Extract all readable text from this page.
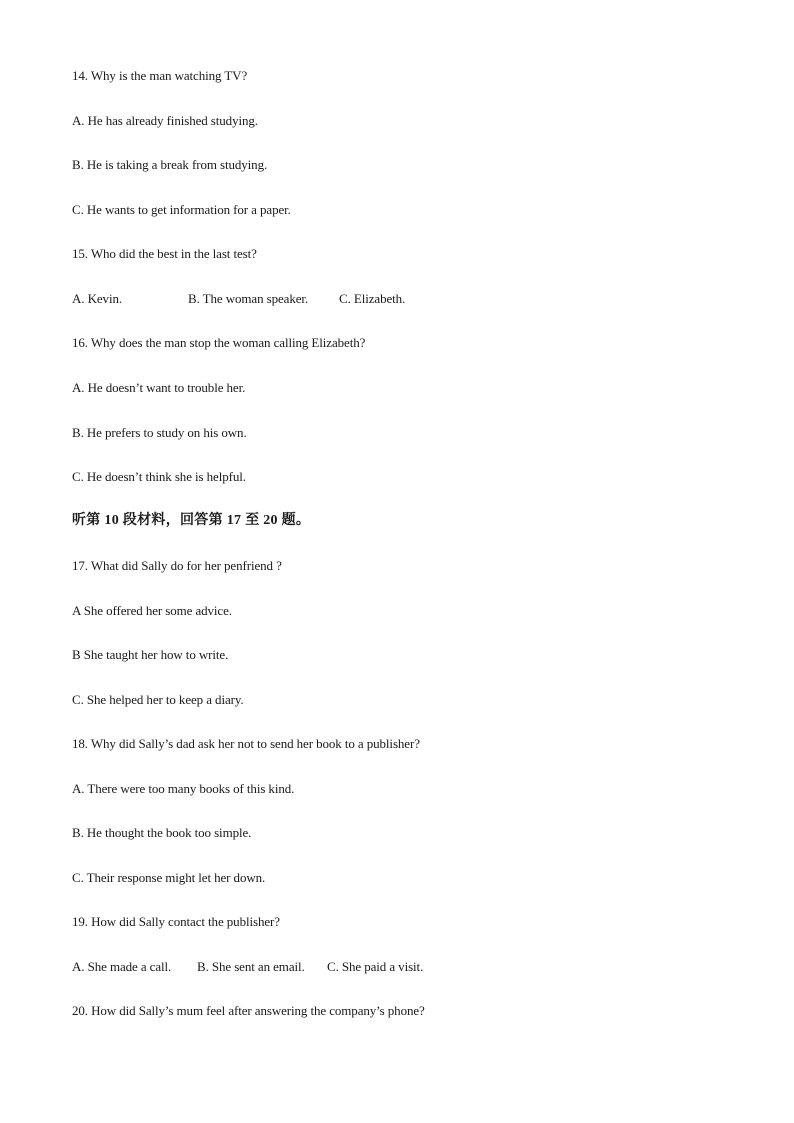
14. Why is the man watching TV?
A. He has already finished studying.
B. He is taking a break from studying.
C. He wants to get information for a paper.
15. Who did the best in the last test?
A. Kevin.	B. The woman speaker. C. Elizabeth.
16. Why does the man stop the woman calling Elizabeth?
A. He doesn’t want to trouble her.
B. He prefers to study on his own.
C. He doesn’t think she is helpful.
听第 10 段材料，回答第 17 至 20 题。
17. What did Sally do for her penfriend ?
A She offered her some advice.
B She taught her how to write.
C. She helped her to keep a diary.
18. Why did Sally’s dad ask her not to send her book to a publisher?
A. There were too many books of this kind.
B. He thought the book too simple.
C. Their response might let her down.
19. How did Sally contact the publisher?
A. She made a call. B. She sent an email. C. She paid a visit.
20. How did Sally’s mum feel after answering the company’s phone?
